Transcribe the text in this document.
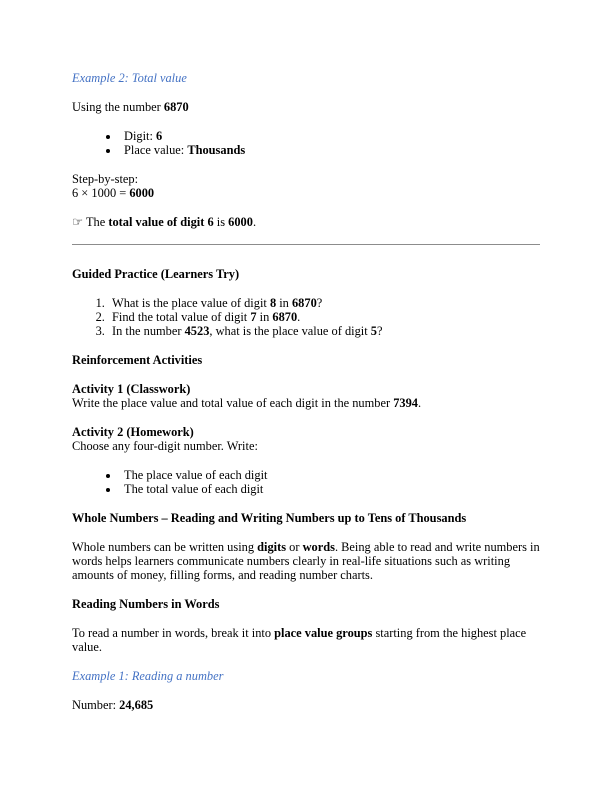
Example 2: Total value

Using the number 6870

• Digit: 6
• Place value: Thousands

Step-by-step:
6 × 1000 = 6000

☞ The total value of digit 6 is 6000.

Guided Practice (Learners Try)

1. What is the place value of digit 8 in 6870?
2. Find the total value of digit 7 in 6870.
3. In the number 4523, what is the place value of digit 5?

Reinforcement Activities

Activity 1 (Classwork)
Write the place value and total value of each digit in the number 7394.

Activity 2 (Homework)
Choose any four-digit number. Write:

• The place value of each digit
• The total value of each digit

Whole Numbers – Reading and Writing Numbers up to Tens of Thousands

Whole numbers can be written using digits or words. Being able to read and write numbers in words helps learners communicate numbers clearly in real-life situations such as writing amounts of money, filling forms, and reading number charts.

Reading Numbers in Words

To read a number in words, break it into place value groups starting from the highest place value.

Example 1: Reading a number

Number: 24,685
